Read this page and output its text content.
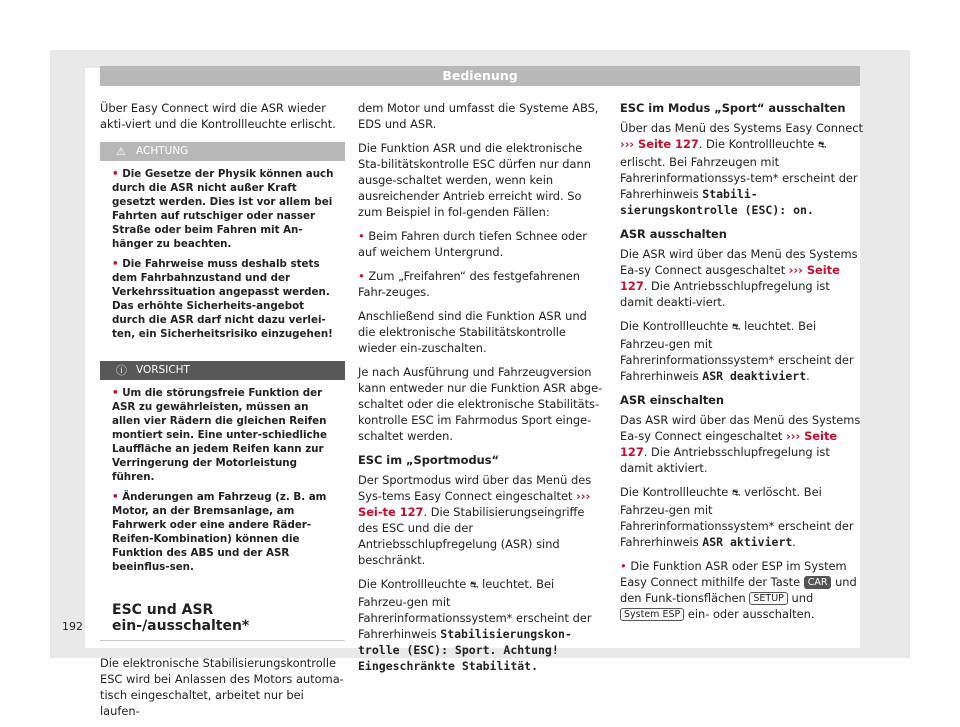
Bedienung

Über Easy Connect wird die ASR wieder akti-viert und die Kontrollleuchte erlischt.

⚠ ACHTUNG
• Die Gesetze der Physik können auch durch die ASR nicht außer Kraft gesetzt werden. Dies ist vor allem bei Fahrten auf rutschiger oder nasser Straße oder beim Fahren mit An-hänger zu beachten.
• Die Fahrweise muss deshalb stets dem Fahrbahnzustand und der Verkehrssituation angepasst werden. Das erhöhte Sicherheits-angebot durch die ASR darf nicht dazu verlei-ten, ein Sicherheitsrisiko einzugehen!
ⓘ VORSICHT
• Um die störungsfreie Funktion der ASR zu gewährleisten, müssen an allen vier Rädern die gleichen Reifen montiert sein. Eine unter-schiedliche Lauffläche an jedem Reifen kann zur Verringerung der Motorleistung führen.
• Änderungen am Fahrzeug (z. B. am Motor, an der Bremsanlage, am Fahrwerk oder eine andere Räder-Reifen-Kombination) können die Funktion des ABS und der ASR beeinflus-sen.
ESC und ASR ein-/ausschalten*

Die elektronische Stabilisierungskontrolle ESC wird bei Anlassen des Motors automa-tisch eingeschaltet, arbeitet nur bei laufen-

dem Motor und umfasst die Systeme ABS, EDS und ASR.

Die Funktion ASR und die elektronische Sta-bilitätskontrolle ESC dürfen nur dann ausge-schaltet werden, wenn kein ausreichender Antrieb erreicht wird. So zum Beispiel in fol-genden Fällen:

• Beim Fahren durch tiefen Schnee oder auf weichem Untergrund.

• Zum „Freifahren“ des festgefahrenen Fahr-zeuges.

Anschließend sind die Funktion ASR und die elektronische Stabilitätskontrolle wieder ein-zuschalten.

Je nach Ausführung und Fahrzeugversion kann entweder nur die Funktion ASR abge-schaltet oder die elektronische Stabilitäts-kontrolle ESC im Fahrmodus Sport einge-schaltet werden.

ESC im „Sportmodus“

Der Sportmodus wird über das Menü des Sys-tems Easy Connect eingeschaltet ››› Sei-te 127. Die Stabilisierungseingriffe des ESC und die der Antriebsschlupfregelung (ASR) sind beschränkt.

Die Kontrollleuchte ⛐ leuchtet. Bei Fahrzeu-gen mit Fahrerinformationssystem* erscheint der Fahrerhinweis Stabilisierungskon-trolle (ESC): Sport. Achtung! Eingeschränkte Stabilität.

ESC im Modus „Sport“ ausschalten

Über das Menü des Systems Easy Connect ››› Seite 127. Die Kontrollleuchte ⛐ erlischt. Bei Fahrzeugen mit Fahrerinformationssys-tem* erscheint der Fahrerhinweis Stabili-sierungskontrolle (ESC): on.

ASR ausschalten

Die ASR wird über das Menü des Systems Ea-sy Connect ausgeschaltet ››› Seite 127. Die Antriebsschlupfregelung ist damit deakti-viert.

Die Kontrollleuchte ⛐ leuchtet. Bei Fahrzeu-gen mit Fahrerinformationssystem* erscheint der Fahrerhinweis ASR deaktiviert.

ASR einschalten

Das ASR wird über das Menü des Systems Ea-sy Connect eingeschaltet ››› Seite 127. Die Antriebsschlupfregelung ist damit aktiviert.

Die Kontrollleuchte ⛐ verlöscht. Bei Fahrzeu-gen mit Fahrerinformationssystem* erscheint der Fahrerhinweis ASR aktiviert.

• Die Funktion ASR oder ESP im System Easy Connect mithilfe der Taste CAR und den Funk-tionsflächen SETUP und System ESP ein- oder ausschalten.

192
